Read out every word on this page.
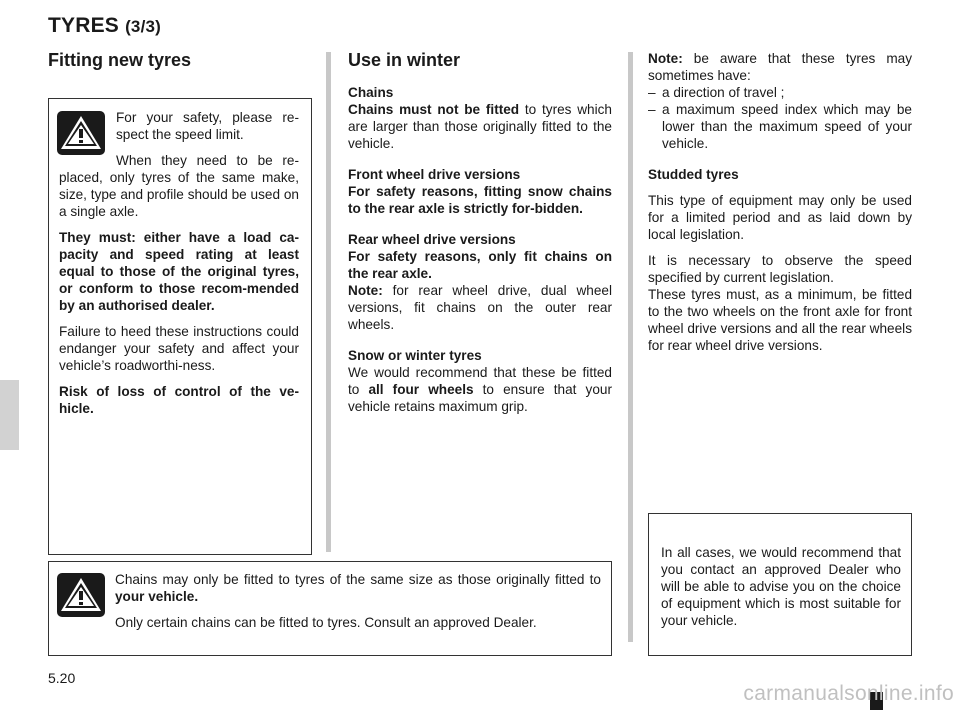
TYRES (3/3)
Fitting new tyres

For your safety, please re-spect the speed limit.

When they need to be re-placed, only tyres of the same make, size, type and profile should be used on a single axle.

They must: either have a load ca-pacity and speed rating at least equal to those of the original tyres, or conform to those recom-mended by an authorised dealer.

Failure to heed these instructions could endanger your safety and affect your vehicle’s roadworthi-ness.

Risk of loss of control of the ve-hicle.

Use in winter
Chains

Chains must not be fitted to tyres which are larger than those originally fitted to the vehicle.

Front wheel drive versions

For safety reasons, fitting snow chains to the rear axle is strictly for-bidden.

Rear wheel drive versions

For safety reasons, only fit chains on the rear axle.

Note: for rear wheel drive, dual wheel versions, fit chains on the outer rear wheels.

Snow or winter tyres

We would recommend that these be fitted to all four wheels to ensure that your vehicle retains maximum grip.

Note: be aware that these tyres may sometimes have:

– a direction of travel ;
– a maximum speed index which may be lower than the maximum speed of your vehicle.
Studded tyres

This type of equipment may only be used for a limited period and as laid down by local legislation.

It is necessary to observe the speed specified by current legislation.

These tyres must, as a minimum, be fitted to the two wheels on the front axle for front wheel drive versions and all the rear wheels for rear wheel drive versions.

In all cases, we would recommend that you contact an approved Dealer who will be able to advise you on the choice of equipment which is most suitable for your vehicle.

Chains may only be fitted to tyres of the same size as those originally fitted to your vehicle.

Only certain chains can be fitted to tyres. Consult an approved Dealer.

5.20
carmanualsonline.info
